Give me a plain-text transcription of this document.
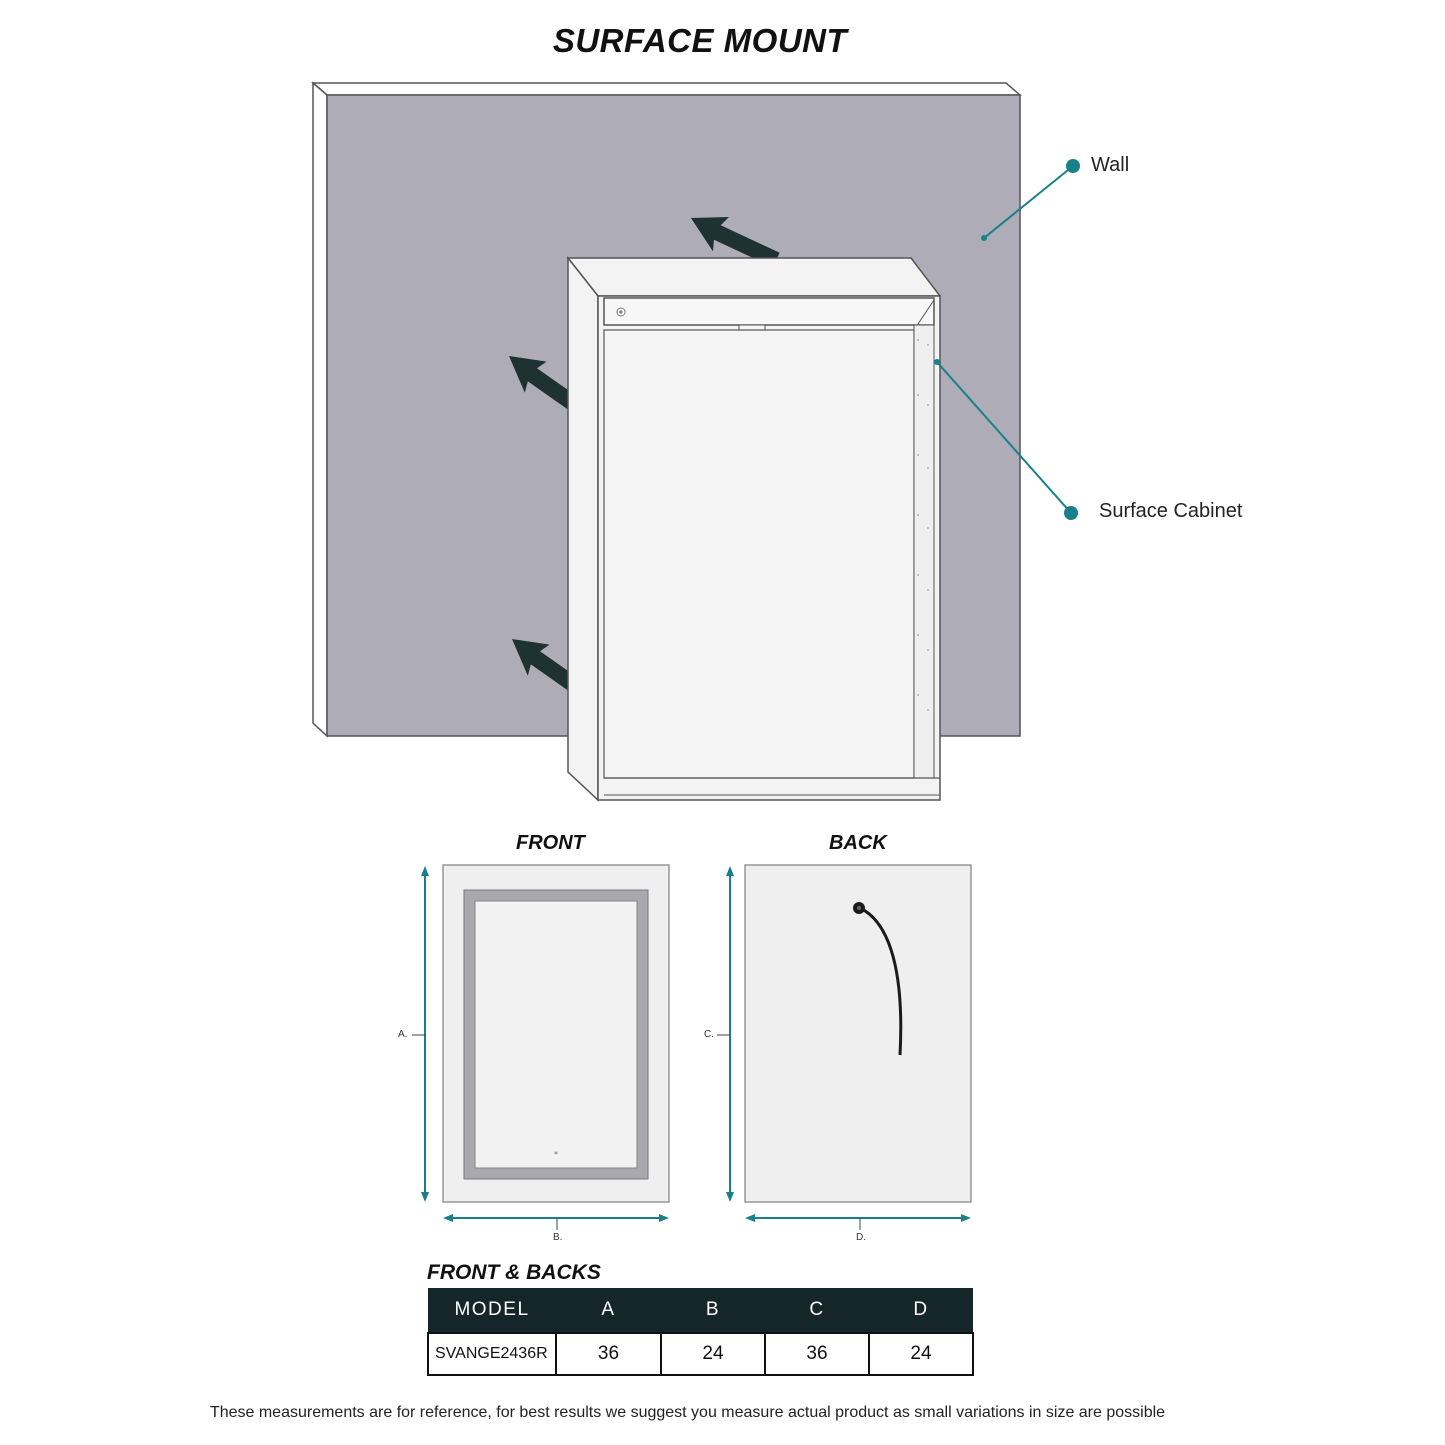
SURFACE MOUNT
*
Wall
Surface Cabinet
FRONT	BACK
A.
B.
C.
D.
FRONT & BACKS
MODEL	A	B	C	D
SVANGE2436R	36	24	36	24
These measurements are for reference, for best results we suggest you measure actual product as small variations in size are possible
